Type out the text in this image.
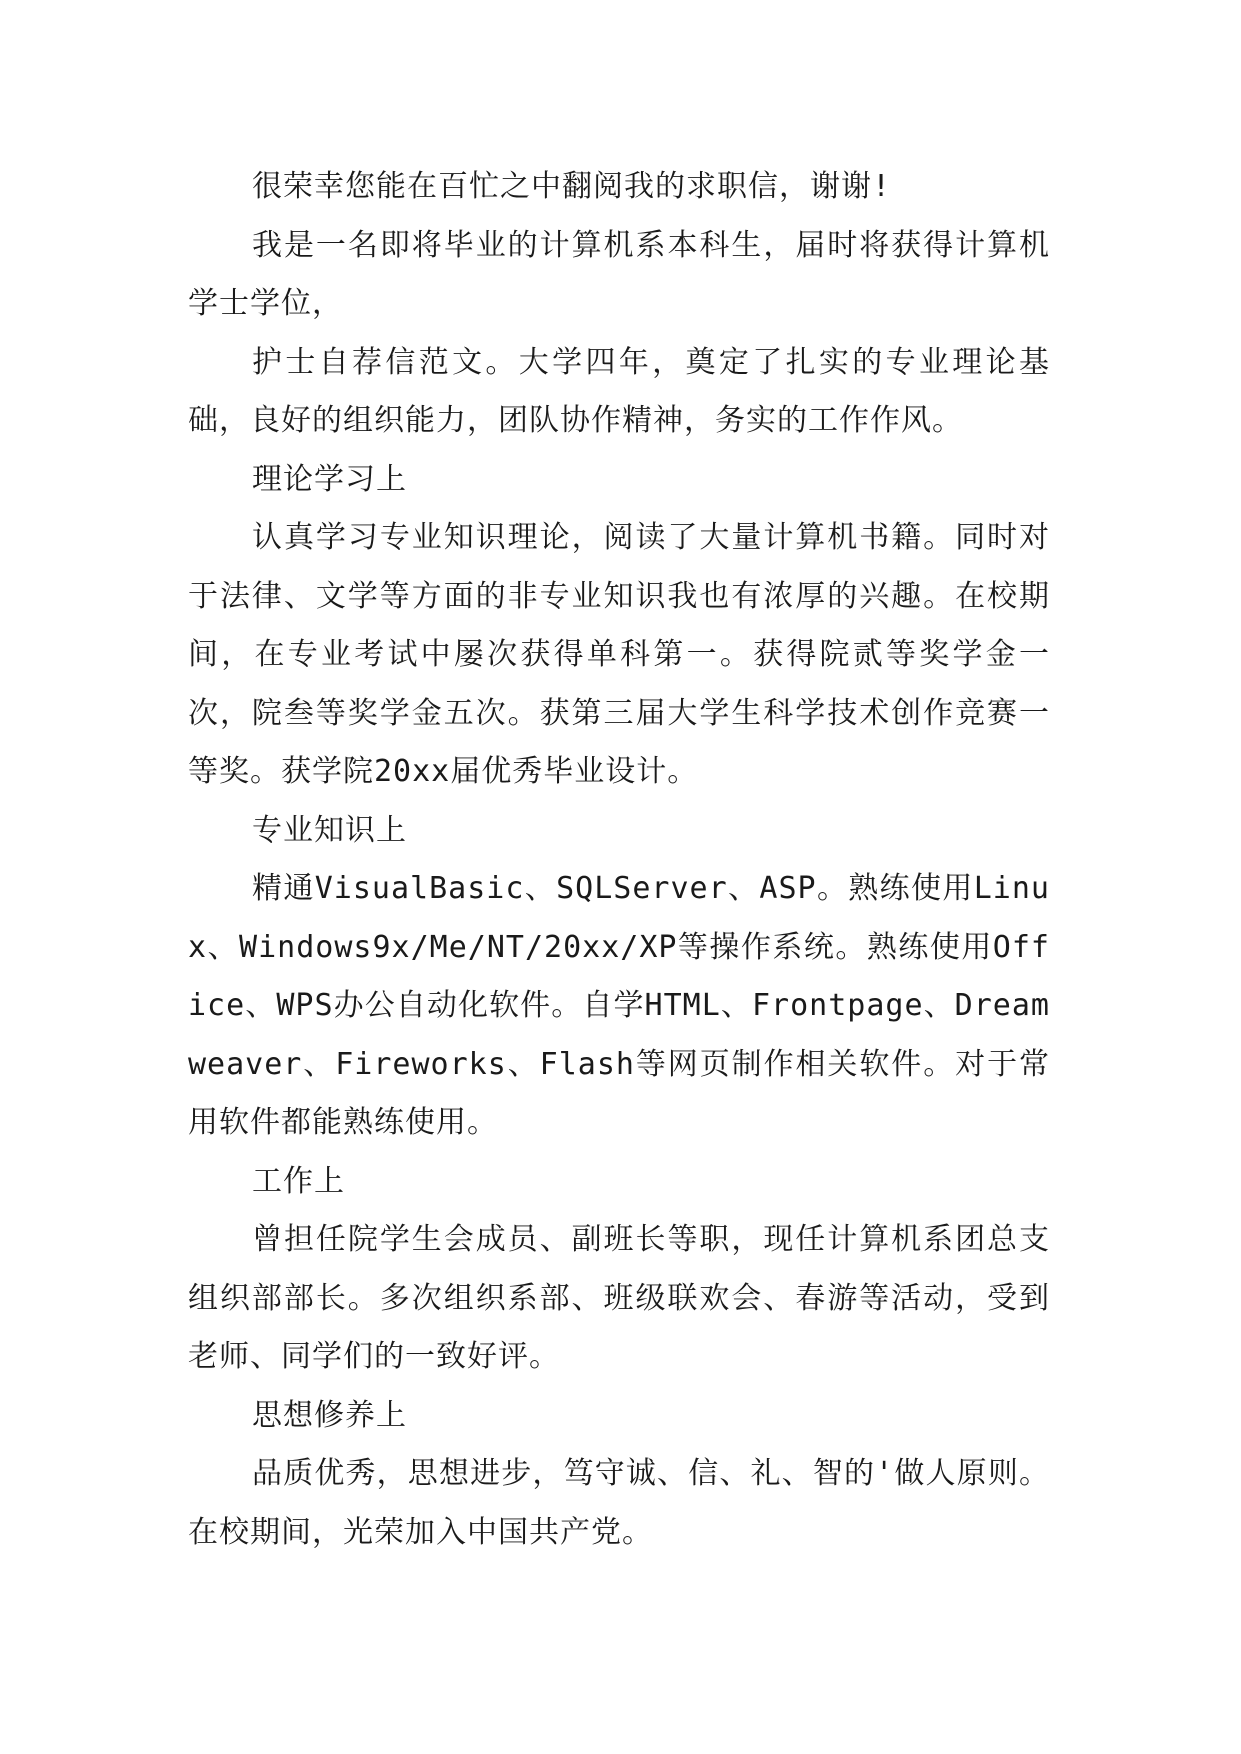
很荣幸您能在百忙之中翻阅我的求职信，谢谢!

我是一名即将毕业的计算机系本科生，届时将获得计算机学士学位，

护士自荐信范文。大学四年，奠定了扎实的专业理论基础，良好的组织能力，团队协作精神，务实的工作作风。

理论学习上

认真学习专业知识理论，阅读了大量计算机书籍。同时对于法律、文学等方面的非专业知识我也有浓厚的兴趣。在校期间，在专业考试中屡次获得单科第一。获得院贰等奖学金一次，院叁等奖学金五次。获第三届大学生科学技术创作竞赛一等奖。获学院20xx届优秀毕业设计。

专业知识上

精通VisualBasic、SQLServer、ASP。熟练使用Linux、Windows9x/Me/NT/20xx/XP等操作系统。熟练使用Office、WPS办公自动化软件。自学HTML、Frontpage、Dreamweaver、Fireworks、Flash等网页制作相关软件。对于常用软件都能熟练使用。

工作上

曾担任院学生会成员、副班长等职，现任计算机系团总支组织部部长。多次组织系部、班级联欢会、春游等活动，受到老师、同学们的一致好评。

思想修养上

品质优秀，思想进步，笃守诚、信、礼、智的'做人原则。在校期间，光荣加入中国共产党。
